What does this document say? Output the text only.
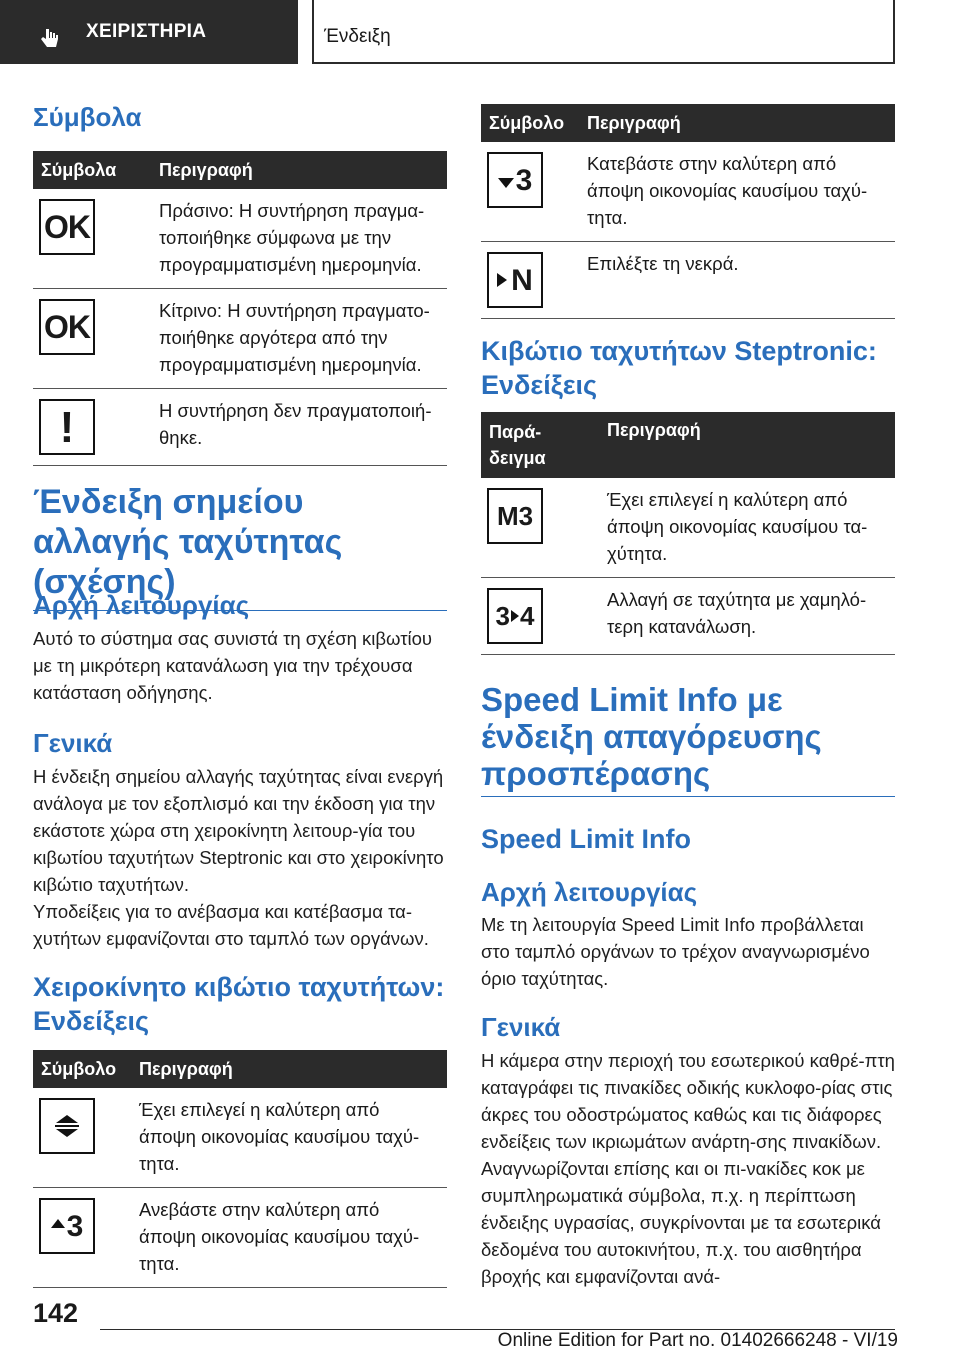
ΧΕΙΡΙΣΤΗΡΙΑ	Ένδειξη
Σύμβολα
Σύμβολα	Περιγραφή

OK	Πράσινο: Η συντήρηση πραγμα-τοποιήθηκε σύμφωνα με την προγραμματισμένη ημερομηνία.

OK	Κίτρινο: Η συντήρηση πραγματο-ποιήθηκε αργότερα από την προγραμματισμένη ημερομηνία.

!	Η συντήρηση δεν πραγματοποιή-θηκε.
Ένδειξη σημείου αλλαγής ταχύτητας (σχέσης)
Αρχή λειτουργίας
Αυτό το σύστημα σας συνιστά τη σχέση κιβωτίου με τη μικρότερη κατανάλωση για την τρέχουσα κατάσταση οδήγησης.
Γενικά
Η ένδειξη σημείου αλλαγής ταχύτητας είναι ενεργή ανάλογα με τον εξοπλισμό και την έκδοση για την εκάστοτε χώρα στη χειροκίνητη λειτουρ-γία του κιβωτίου ταχυτήτων Steptronic και στο χειροκίνητο κιβώτιο ταχυτήτων.
Υποδείξεις για το ανέβασμα και κατέβασμα τα-χυτήτων εμφανίζονται στο ταμπλό των οργάνων.
Χειροκίνητο κιβώτιο ταχυτήτων: Ενδείξεις
Σύμβολο	Περιγραφή

	Έχει επιλεγεί η καλύτερη από άποψη οικονομίας καυσίμου ταχύ-τητα.

3	Ανεβάστε στην καλύτερη από άποψη οικονομίας καυσίμου ταχύ-τητα.
Σύμβολο	Περιγραφή

3	Κατεβάστε στην καλύτερη από άποψη οικονομίας καυσίμου ταχύ-τητα.

N	Επιλέξτε τη νεκρά.
Κιβώτιο ταχυτήτων Steptronic: Ενδείξεις
Παρά-δειγμα	Περιγραφή

M3	Έχει επιλεγεί η καλύτερη από άποψη οικονομίας καυσίμου τα-χύτητα.

3 4	Αλλαγή σε ταχύτητα με χαμηλό-τερη κατανάλωση.
Speed Limit Info με ένδειξη απαγόρευσης προσπέρασης
Speed Limit Info
Αρχή λειτουργίας
Με τη λειτουργία Speed Limit Info προβάλλεται στο ταμπλό οργάνων το τρέχον αναγνωρισμένο όριο ταχύτητας.
Γενικά
Η κάμερα στην περιοχή του εσωτερικού καθρέ-πτη καταγράφει τις πινακίδες οδικής κυκλοφο-ρίας στις άκρες του οδοστρώματος καθώς και τις διάφορες ενδείξεις των ικριωμάτων ανάρτη-σης πινακίδων. Αναγνωρίζονται επίσης και οι πι-νακίδες κοκ με συμπληρωματικά σύμβολα, π.χ. η περίπτωση ένδειξης υγρασίας, συγκρίνονται με τα εσωτερικά δεδομένα του αυτοκινήτου, π.χ. του αισθητήρα βροχής και εμφανίζονται ανά-
142
Online Edition for Part no. 01402666248 - VI/19
